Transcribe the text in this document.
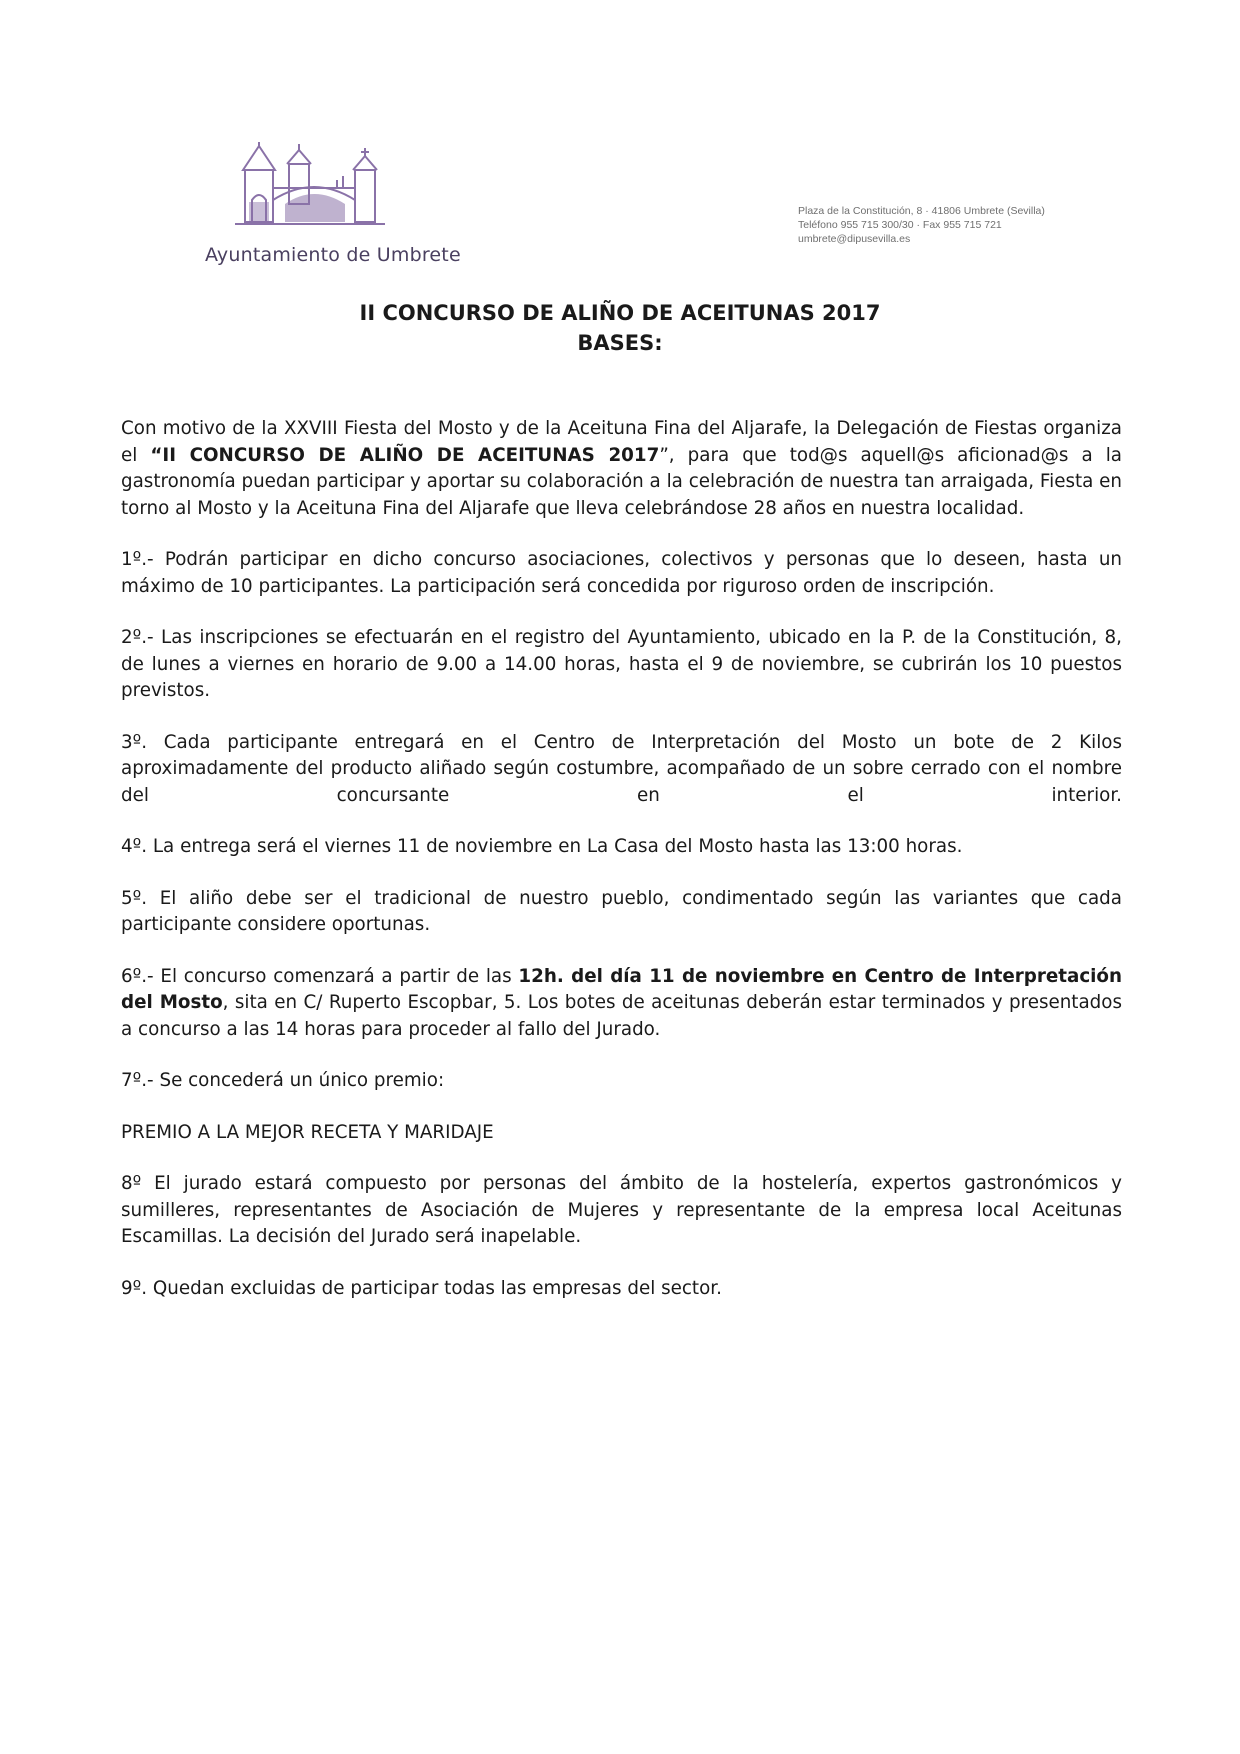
Ayuntamiento de Umbrete
Plaza de la Constitución, 8 · 41806 Umbrete (Sevilla)
Teléfono 955 715 300/30 · Fax 955 715 721
umbrete@dipusevilla.es
II CONCURSO DE ALIÑO DE ACEITUNAS 2017
BASES:

Con motivo de la XXVIII Fiesta del Mosto y de la Aceituna Fina del Aljarafe, la Delegación de Fiestas organiza el “II CONCURSO DE ALIÑO DE ACEITUNAS 2017”, para que tod@s aquell@s aficionad@s a la gastronomía puedan participar y aportar su colaboración a la celebración de nuestra tan arraigada, Fiesta en torno al Mosto y la Aceituna Fina del Aljarafe que lleva celebrándose 28 años en nuestra localidad.

1º.- Podrán participar en dicho concurso asociaciones, colectivos y personas que lo deseen, hasta un máximo de 10 participantes. La participación será concedida por riguroso orden de inscripción.

2º.- Las inscripciones se efectuarán en el registro del Ayuntamiento, ubicado en la P. de la Constitución, 8, de lunes a viernes en horario de 9.00 a 14.00 horas, hasta el 9 de noviembre, se cubrirán los 10 puestos previstos.

3º. Cada participante entregará en el Centro de Interpretación del Mosto un bote de 2 Kilos aproximadamente del producto aliñado según costumbre, acompañado de un sobre cerrado con el nombre del concursante en el interior.

4º. La entrega será el viernes 11 de noviembre en La Casa del Mosto hasta las 13:00 horas.

5º. El aliño debe ser el tradicional de nuestro pueblo, condimentado según las variantes que cada participante considere oportunas.

6º.- El concurso comenzará a partir de las 12h. del día 11 de noviembre en Centro de Interpretación del Mosto, sita en C/ Ruperto Escopbar, 5. Los botes de aceitunas deberán estar terminados y presentados a concurso a las 14 horas para proceder al fallo del Jurado.

7º.- Se concederá un único premio:

PREMIO A LA MEJOR RECETA Y MARIDAJE

8º El jurado estará compuesto por personas del ámbito de la hostelería, expertos gastronómicos y sumilleres, representantes de Asociación de Mujeres y representante de la empresa local Aceitunas Escamillas. La decisión del Jurado será inapelable.

9º. Quedan excluidas de participar todas las empresas del sector.
